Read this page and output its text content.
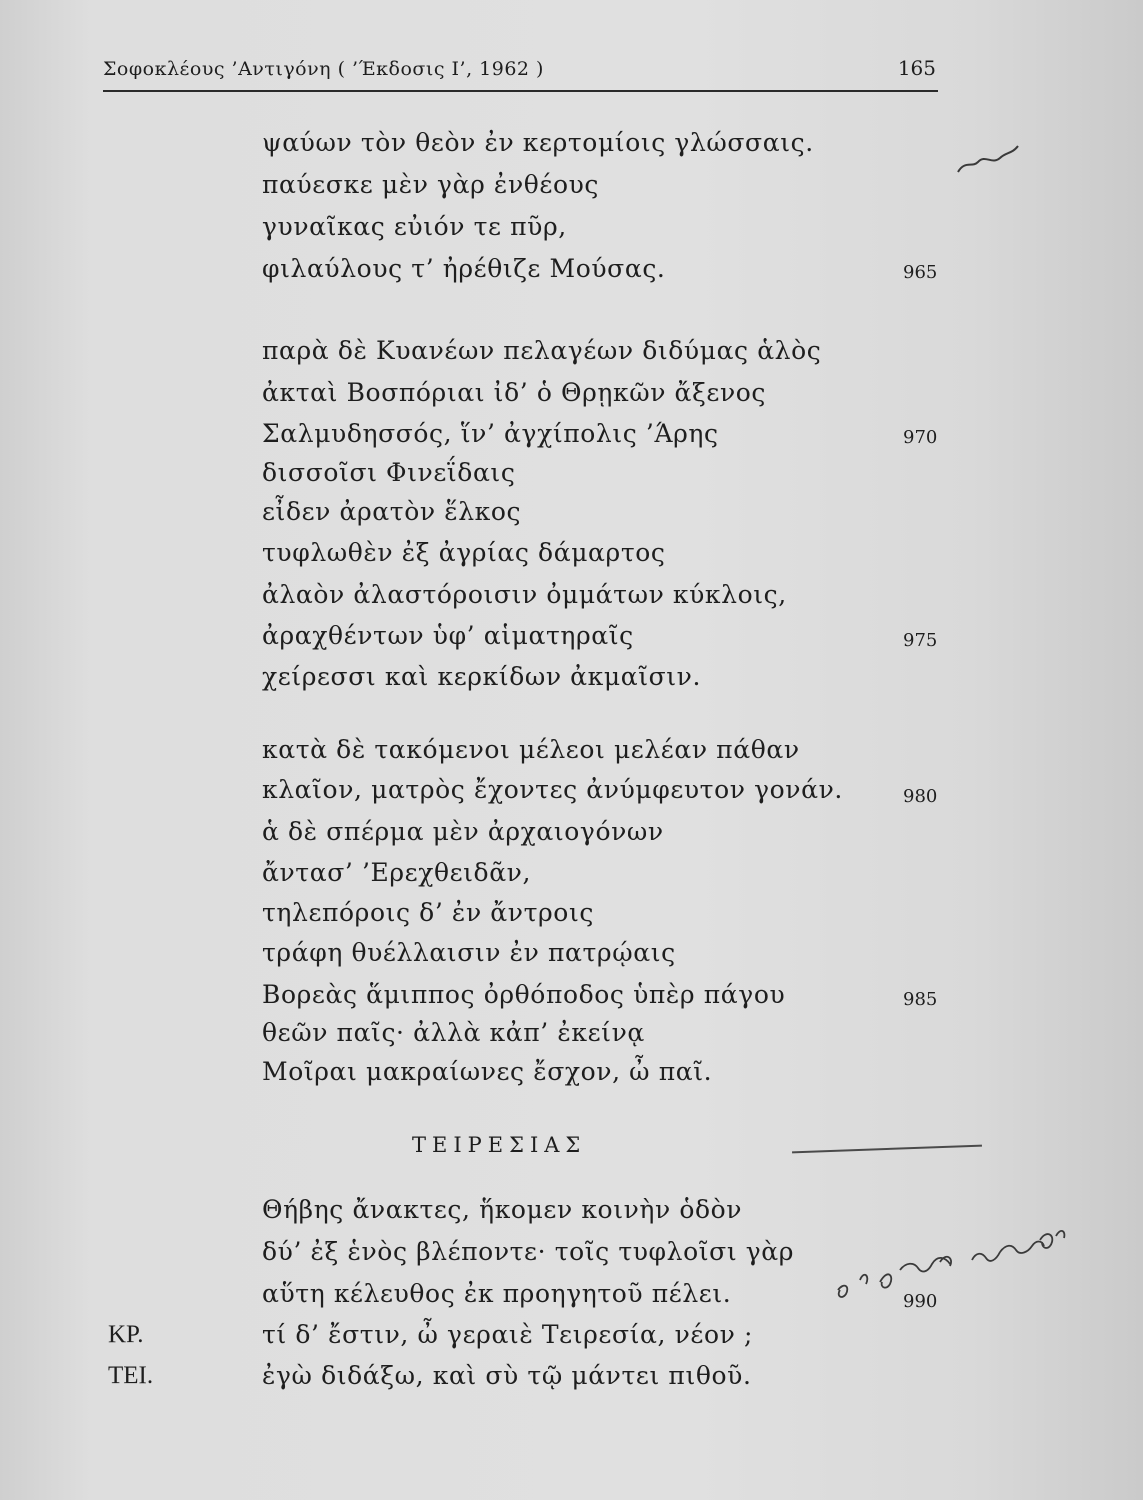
Σοφοκλέους ’Αντιγόνη ( ’Έκδοσις Ι’, 1962 )	165
ψαύων τὸν θεὸν ἐν κερτομίοις γλώσσαις.
παύεσκε μὲν γὰρ ἐνθέους
γυναῖκας εὐιόν τε πῦρ,
φιλαύλους τ’ ἠρέθιζε Μούσας.	965
παρὰ δὲ Κυανέων πελαγέων διδύμας ἁλὸς
ἀκταὶ Βοσπόριαι ἰδ’ ὁ Θρῃκῶν ἄξενος
Σαλμυδησσός, ἵν’ ἀγχίπολις ’Άρης	970
δισσοῖσι Φινεΐδαις
εἶδεν ἀρατὸν ἕλκος
τυφλωθὲν ἐξ ἀγρίας δάμαρτος
ἀλαὸν ἀλαστόροισιν ὀμμάτων κύκλοις,
ἀραχθέντων ὑφ’ αἱματηραῖς	975
χείρεσσι καὶ κερκίδων ἀκμαῖσιν.
κατὰ δὲ τακόμενοι μέλεοι μελέαν πάθαν
κλαῖον, ματρὸς ἔχοντες ἀνύμφευτον γονάν.	980
ἁ δὲ σπέρμα μὲν ἀρχαιογόνων
ἄντασ’ ’Ερεχθειδᾶν,
τηλεπόροις δ’ ἐν ἄντροις
τράφη θυέλλαισιν ἐν πατρῴαις
Βορεὰς ἅμιππος ὀρθόποδος ὑπὲρ πάγου	985
θεῶν παῖς· ἀλλὰ κἀπ’ ἐκείνᾳ
Μοῖραι μακραίωνες ἔσχον, ὦ παῖ.
ΤΕΙΡΕΣΙΑΣ
Θήβης ἄνακτες, ἥκομεν κοινὴν ὁδὸν
δύ’ ἐξ ἑνὸς βλέποντε· τοῖς τυφλοῖσι γὰρ
αὕτη κέλευθος ἐκ προηγητοῦ πέλει.	990
ΚΡ.	τί δ’ ἔστιν, ὦ γεραιὲ Τειρεσία, νέον ;
ΤΕΙ.	ἐγὼ διδάξω, καὶ σὺ τῷ μάντει πιθοῦ.
